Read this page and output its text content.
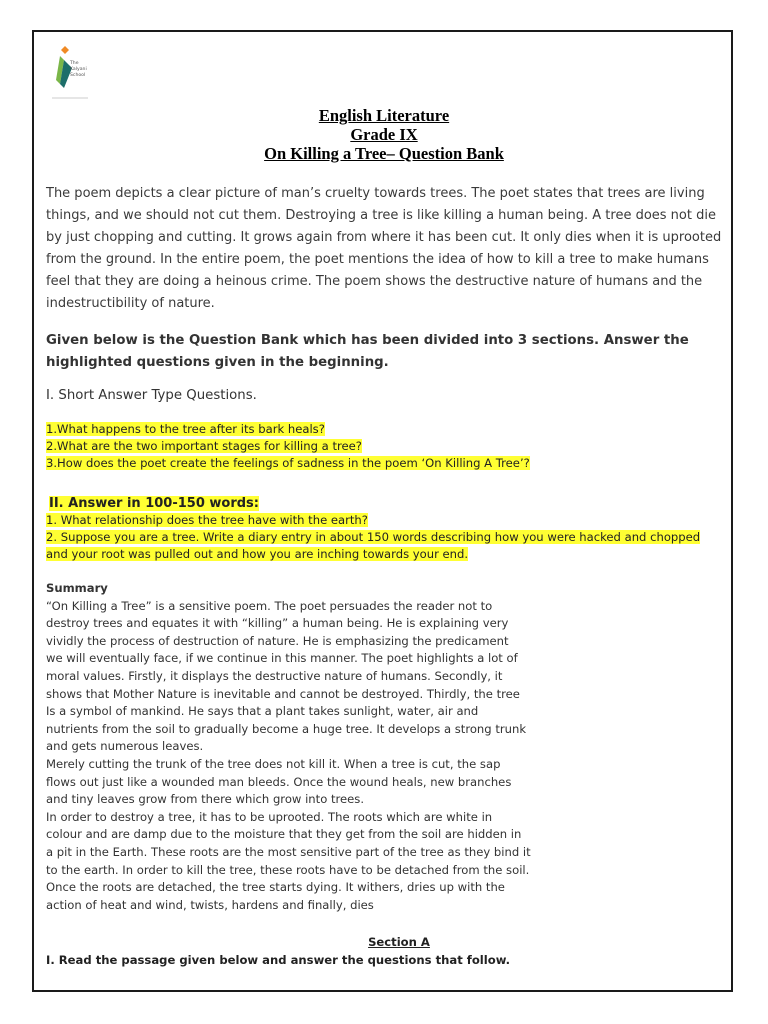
The
Kalyani
School
English Literature
Grade IX
On Killing a Tree– Question Bank
The poem depicts a clear picture of man’s cruelty towards trees. The poet states that trees are living things, and we should not cut them. Destroying a tree is like killing a human being. A tree does not die by just chopping and cutting. It grows again from where it has been cut. It only dies when it is uprooted from the ground. In the entire poem, the poet mentions the idea of how to kill a tree to make humans feel that they are doing a heinous crime. The poem shows the destructive nature of humans and the indestructibility of nature.
Given below is the Question Bank which has been divided into 3 sections. Answer the highlighted questions given in the beginning.
I. Short Answer Type Questions.
1.What happens to the tree after its bark heals?
2.What are the two important stages for killing a tree?
3.How does the poet create the feelings of sadness in the poem ‘On Killing A Tree’?
II. Answer in 100-150 words:
1. What relationship does the tree have with the earth?
2. Suppose you are a tree. Write a diary entry in about 150 words describing how you were hacked and chopped and your root was pulled out and how you are inching towards your end.
Summary
“On Killing a Tree” is a sensitive poem. The poet persuades the reader not to
destroy trees and equates it with “killing” a human being. He is explaining very
vividly the process of destruction of nature. He is emphasizing the predicament
we will eventually face, if we continue in this manner. The poet highlights a lot of
moral values. Firstly, it displays the destructive nature of humans. Secondly, it
shows that Mother Nature is inevitable and cannot be destroyed. Thirdly, the tree
Is a symbol of mankind. He says that a plant takes sunlight, water, air and
nutrients from the soil to gradually become a huge tree. It develops a strong trunk
and gets numerous leaves.
Merely cutting the trunk of the tree does not kill it. When a tree is cut, the sap
flows out just like a wounded man bleeds. Once the wound heals, new branches
and tiny leaves grow from there which grow into trees.
In order to destroy a tree, it has to be uprooted. The roots which are white in
colour and are damp due to the moisture that they get from the soil are hidden in
a pit in the Earth. These roots are the most sensitive part of the tree as they bind it
to the earth. In order to kill the tree, these roots have to be detached from the soil.
Once the roots are detached, the tree starts dying. It withers, dries up with the
action of heat and wind, twists, hardens and finally, dies
Section A
I. Read the passage given below and answer the questions that follow.
